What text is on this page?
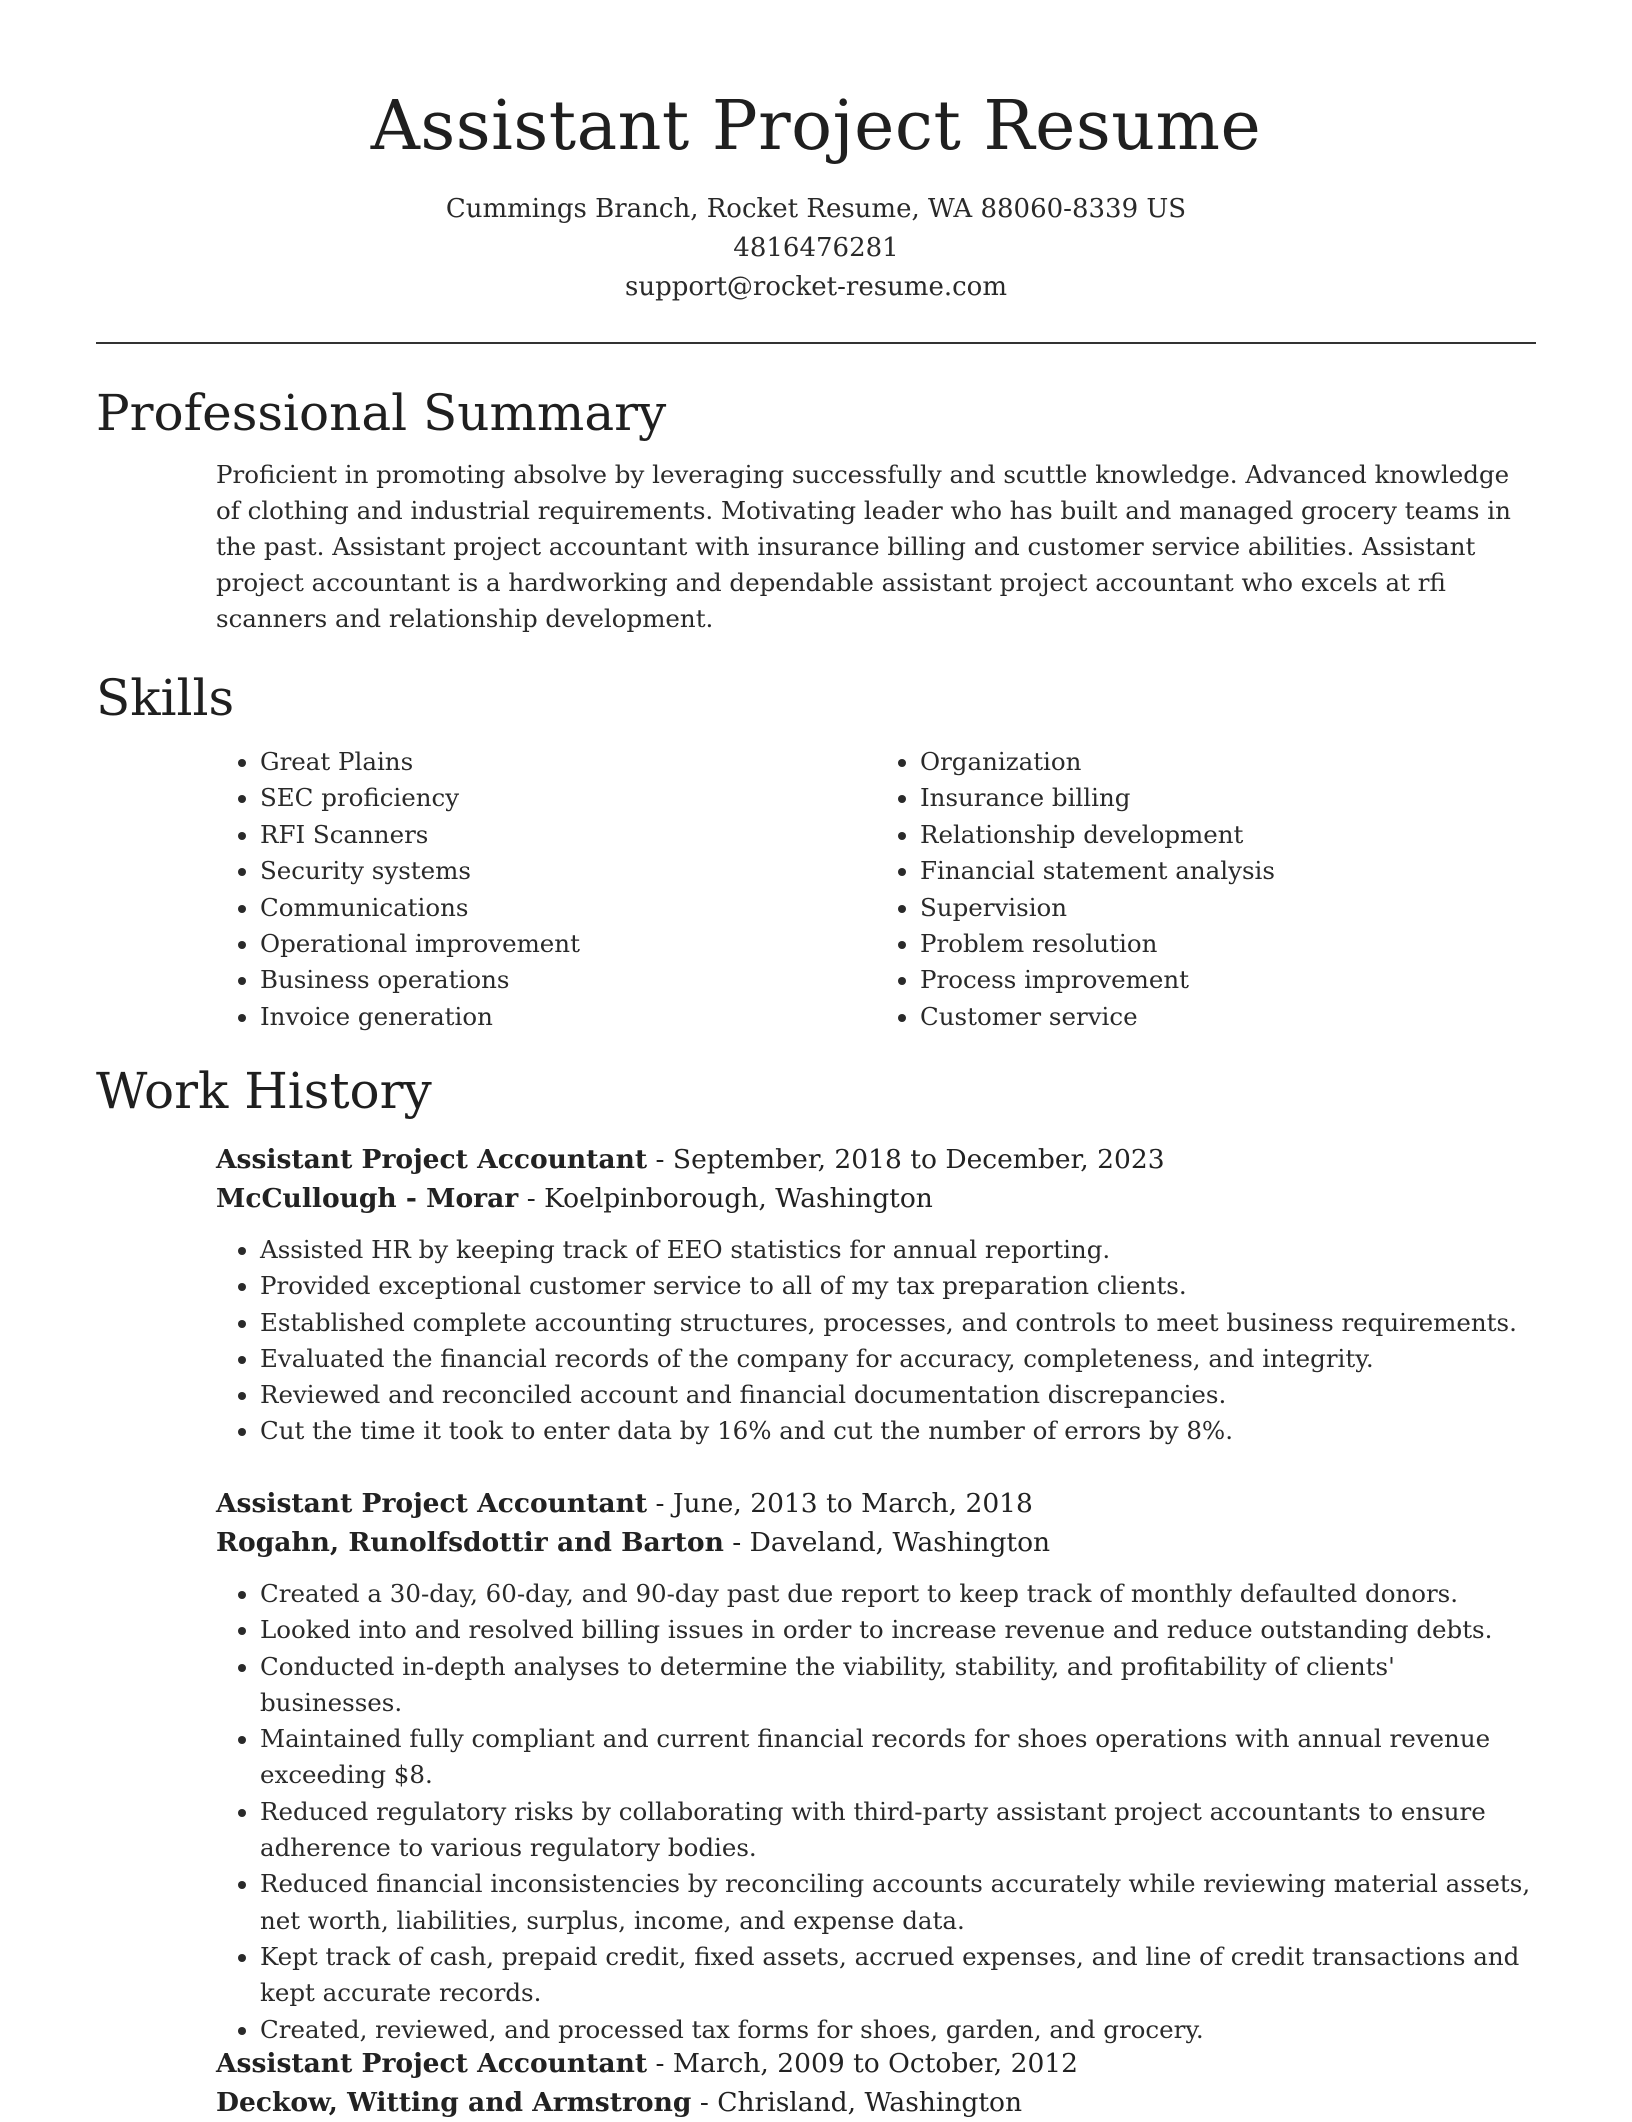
Assistant Project Resume
Cummings Branch, Rocket Resume, WA 88060-8339 US
4816476281
support@rocket-resume.com
Professional Summary
Proficient in promoting absolve by leveraging successfully and scuttle knowledge. Advanced knowledge of clothing and industrial requirements. Motivating leader who has built and managed grocery teams in the past. Assistant project accountant with insurance billing and customer service abilities. Assistant project accountant is a hardworking and dependable assistant project accountant who excels at rfi scanners and relationship development.
Skills
• Great Plains
• SEC proficiency
• RFI Scanners
• Security systems
• Communications
• Operational improvement
• Business operations
• Invoice generation
• Organization
• Insurance billing
• Relationship development
• Financial statement analysis
• Supervision
• Problem resolution
• Process improvement
• Customer service
Work History
Assistant Project Accountant - September, 2018 to December, 2023
McCullough - Morar - Koelpinborough, Washington
• Assisted HR by keeping track of EEO statistics for annual reporting.
• Provided exceptional customer service to all of my tax preparation clients.
• Established complete accounting structures, processes, and controls to meet business requirements.
• Evaluated the financial records of the company for accuracy, completeness, and integrity.
• Reviewed and reconciled account and financial documentation discrepancies.
• Cut the time it took to enter data by 16% and cut the number of errors by 8%.
Assistant Project Accountant - June, 2013 to March, 2018
Rogahn, Runolfsdottir and Barton - Daveland, Washington
• Created a 30-day, 60-day, and 90-day past due report to keep track of monthly defaulted donors.
• Looked into and resolved billing issues in order to increase revenue and reduce outstanding debts.
• Conducted in-depth analyses to determine the viability, stability, and profitability of clients' businesses.
• Maintained fully compliant and current financial records for shoes operations with annual revenue exceeding $8.
• Reduced regulatory risks by collaborating with third-party assistant project accountants to ensure adherence to various regulatory bodies.
• Reduced financial inconsistencies by reconciling accounts accurately while reviewing material assets, net worth, liabilities, surplus, income, and expense data.
• Kept track of cash, prepaid credit, fixed assets, accrued expenses, and line of credit transactions and kept accurate records.
• Created, reviewed, and processed tax forms for shoes, garden, and grocery.
Assistant Project Accountant - March, 2009 to October, 2012
Deckow, Witting and Armstrong - Chrisland, Washington
